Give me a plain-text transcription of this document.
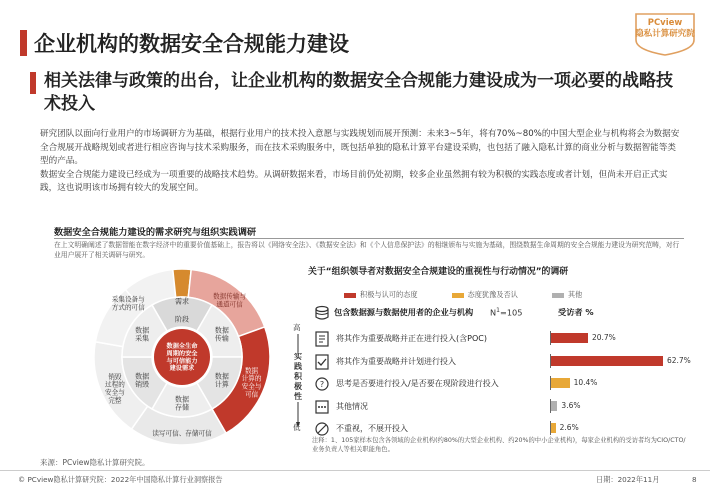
企业机构的数据安全合规能力建设
PCview
隐私计算研究院
相关法律与政策的出台，让企业机构的数据安全合规能力建设成为一项必要的战略技术投入

研究团队以面向行业用户的市场调研方为基础，根据行业用户的技术投入意愿与实践规划而展开预测：未来3~5年，将有70%~80%的中国大型企业与机构将会为数据安全合规展开战略规划或者进行相应咨询与技术采购服务，而在技术采购服务中，既包括单独的隐私计算平台建设采购，也包括了融入隐私计算的商业分析与数据智能等类型的产品。

数据安全合规能力建设已经成为一项重要的战略技术趋势。从调研数据来看，市场目前仍处初期，较多企业虽然拥有较为积极的实践态度或者计划，但尚未开启正式实践，这也说明该市场拥有较大的发展空间。

数据安全合规能力建设的需求研究与组织实践调研
在上文明确阐述了数据智能在数字经济中的重要价值基础上，报告将以《网络安全法》、《数据安全法》和《个人信息保护法》的相继颁布与实施为基础，围绕数据生命周期的安全合规能力建设为研究范畴，对行业用户展开了相关调研与研究。
数据全生命周期的安全与可信能力建设需求
需求
阶段
数据采集
数据传输
数据计算
数据存储
数据销毁
采集设备与方式的可信
数据传输与通道可信
数据计算的安全与可信
读写可信、存储可信
销毁过程的安全与完整
关于“组织领导者对数据安全合规建设的重视性与行动情况”的调研
积极与认可的态度	态度犹豫及否认	其他
包含数据源与数据使用者的企业与机构 $N^1=105$	受访者 %
高
实践积极性
低
将其作为重要战略并正在进行投入(含POC)	20.7%
将其作为重要战略并计划进行投入	62.7%
? 思考是否要进行投入/是否要在现阶段进行投入	10.4%
其他情况	3.6%
不重视，不展开投入	2.6%
注释：1、105家样本包含各领域的企业机构(约80%的大型企业机构、约20%的中小企业机构)，每家企业机构的受访者均为CIO/CTO/业务负责人等相关职能角色。
来源：PCview隐私计算研究院。
© PCview隐私计算研究院：2022年中国隐私计算行业洞察报告	日期：2022年11月	8
